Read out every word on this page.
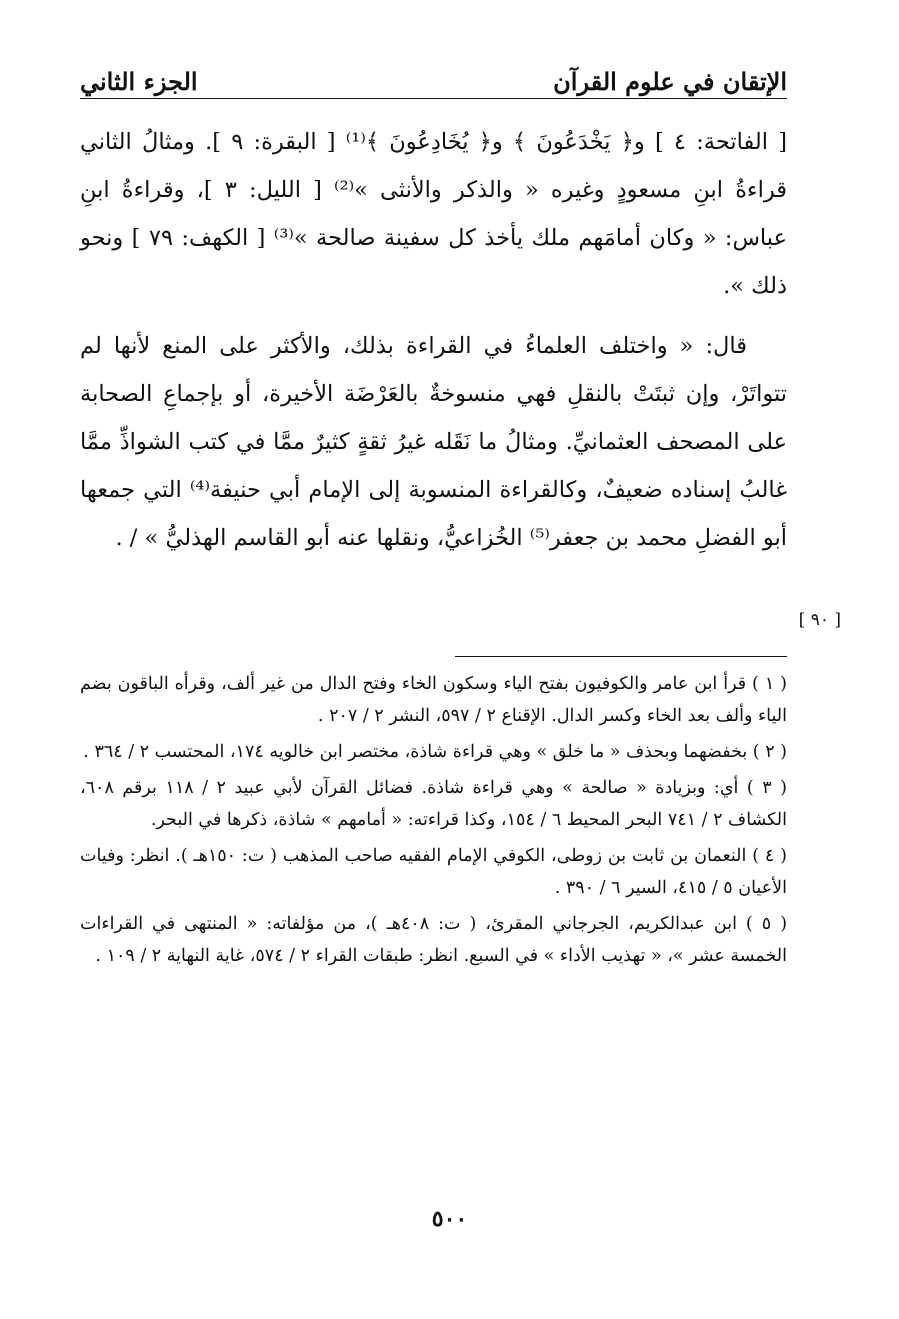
الإتقان في علوم القرآن
الجزء الثاني

[ الفاتحة: ٤ ] و﴿ يَخْدَعُونَ ﴾ و﴿ يُخَادِعُونَ ﴾⁽¹⁾ [ البقرة: ٩ ]. ومثالُ الثاني قراءةُ ابنِ مسعودٍ وغيره « والذكر والأنثى »⁽²⁾ [ الليل: ٣ ]، وقراءةُ ابنِ عباس: « وكان أمامَهم ملك يأخذ كل سفينة صالحة »⁽³⁾ [ الكهف: ٧٩ ] ونحو ذلك ».

قال: « واختلف العلماءُ في القراءة بذلك، والأكثر على المنع لأنها لم تتواتَرْ، وإن ثبتَتْ بالنقلِ فهي منسوخةٌ بالعَرْضَة الأخيرة، أو بإجماعِ الصحابة على المصحف العثمانيِّ. ومثالُ ما نَقَله غيرُ ثقةٍ كثيرٌ ممَّا في كتب الشواذِّ ممَّا غالبُ إسناده ضعيفٌ، وكالقراءة المنسوبة إلى الإمام أبي حنيفة⁽⁴⁾ التي جمعها أبو الفضلِ محمد بن جعفر⁽⁵⁾ الخُزاعيُّ، ونقلها عنه أبو القاسم الهذليُّ » / .

[ ٩٠ ]

( ١ ) قرأ ابن عامر والكوفيون بفتح الياء وسكون الخاء وفتح الدال من غير ألف، وقرأه الباقون بضم الياء وألف بعد الخاء وكسر الدال. الإقناع ٢ / ٥٩٧، النشر ٢ / ٢٠٧ .

( ٢ ) بخفضهما وبحذف « ما خلق » وهي قراءة شاذة، مختصر ابن خالويه ١٧٤، المحتسب ٢ / ٣٦٤ .

( ٣ ) أي: وبزيادة « صالحة » وهي قراءة شاذة. فضائل القرآن لأبي عبيد ٢ / ١١٨ برقم ٦٠٨، الكشاف ٢ / ٧٤١ البحر المحيط ٦ / ١٥٤، وكذا قراءته: « أمامهم » شاذة، ذكرها في البحر.

( ٤ ) النعمان بن ثابت بن زوطى، الكوفي الإمام الفقيه صاحب المذهب ( ت: ١٥٠هـ ). انظر: وفيات الأعيان ٥ / ٤١٥، السير ٦ / ٣٩٠ .

( ٥ ) ابن عبدالكريم، الجرجاني المقرئ، ( ت: ٤٠٨هـ )، من مؤلفاته: « المنتهى في القراءات الخمسة عشر »، « تهذيب الأداء » في السبع. انظر: طبقات القراء ٢ / ٥٧٤، غاية النهاية ٢ / ١٠٩ .

٥٠٠
